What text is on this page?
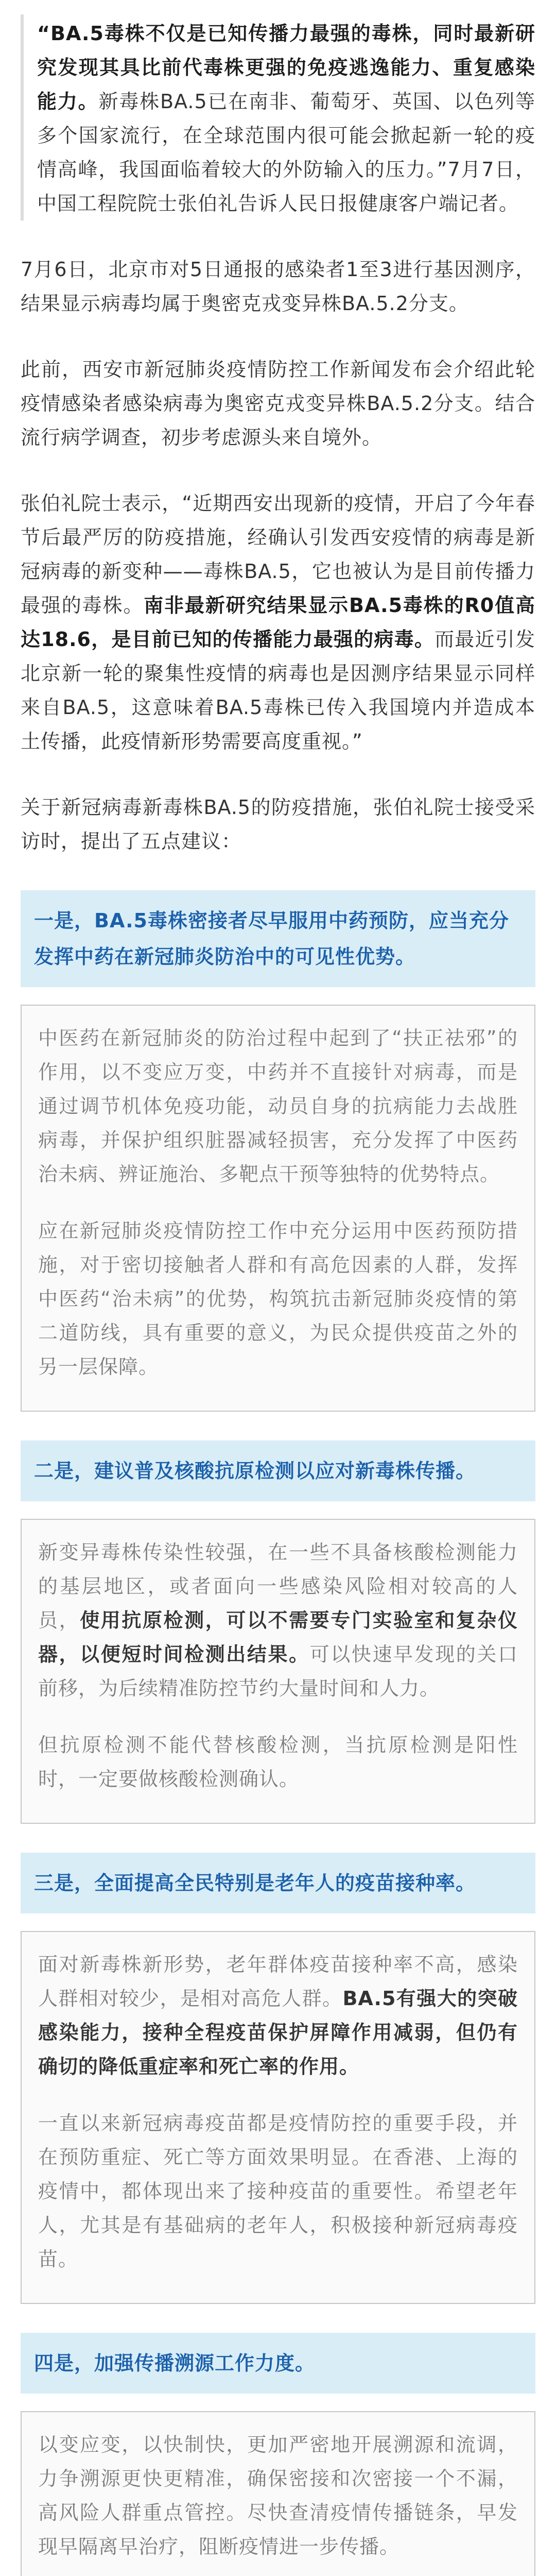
“BA.5毒株不仅是已知传播力最强的毒株，同时最新研究发现其具比前代毒株更强的免疫逃逸能力、重复感染能力。新毒株BA.5已在南非、葡萄牙、英国、以色列等多个国家流行，在全球范围内很可能会掀起新一轮的疫情高峰，我国面临着较大的外防输入的压力。”7月7日，中国工程院院士张伯礼告诉人民日报健康客户端记者。

7月6日，北京市对5日通报的感染者1至3进行基因测序，结果显示病毒均属于奥密克戎变异株BA.5.2分支。

此前，西安市新冠肺炎疫情防控工作新闻发布会介绍此轮疫情感染者感染病毒为奥密克戎变异株BA.5.2分支。结合流行病学调查，初步考虑源头来自境外。

张伯礼院士表示，“近期西安出现新的疫情，开启了今年春节后最严厉的防疫措施，经确认引发西安疫情的病毒是新冠病毒的新变种——毒株BA.5，它也被认为是目前传播力最强的毒株。南非最新研究结果显示BA.5毒株的R0值高达18.6，是目前已知的传播能力最强的病毒。而最近引发北京新一轮的聚集性疫情的病毒也是因测序结果显示同样来自BA.5，这意味着BA.5毒株已传入我国境内并造成本土传播，此疫情新形势需要高度重视。”

关于新冠病毒新毒株BA.5的防疫措施，张伯礼院士接受采访时，提出了五点建议：

一是，BA.5毒株密接者尽早服用中药预防，应当充分发挥中药在新冠肺炎防治中的可见性优势。

中医药在新冠肺炎的防治过程中起到了“扶正祛邪”的作用，以不变应万变，中药并不直接针对病毒，而是通过调节机体免疫功能，动员自身的抗病能力去战胜病毒，并保护组织脏器减轻损害，充分发挥了中医药治未病、辨证施治、多靶点干预等独特的优势特点。

应在新冠肺炎疫情防控工作中充分运用中医药预防措施，对于密切接触者人群和有高危因素的人群，发挥中医药“治未病”的优势，构筑抗击新冠肺炎疫情的第二道防线，具有重要的意义，为民众提供疫苗之外的另一层保障。

二是，建议普及核酸抗原检测以应对新毒株传播。

新变异毒株传染性较强，在一些不具备核酸检测能力的基层地区，或者面向一些感染风险相对较高的人员，使用抗原检测，可以不需要专门实验室和复杂仪器，以便短时间检测出结果。可以快速早发现的关口前移，为后续精准防控节约大量时间和人力。

但抗原检测不能代替核酸检测，当抗原检测是阳性时，一定要做核酸检测确认。

三是，全面提高全民特别是老年人的疫苗接种率。

面对新毒株新形势，老年群体疫苗接种率不高，感染人群相对较少，是相对高危人群。BA.5有强大的突破感染能力，接种全程疫苗保护屏障作用减弱，但仍有确切的降低重症率和死亡率的作用。

一直以来新冠病毒疫苗都是疫情防控的重要手段，并在预防重症、死亡等方面效果明显。在香港、上海的疫情中，都体现出来了接种疫苗的重要性。希望老年人，尤其是有基础病的老年人，积极接种新冠病毒疫苗。

四是，加强传播溯源工作力度。

以变应变，以快制快，更加严密地开展溯源和流调，力争溯源更快更精准，确保密接和次密接一个不漏，高风险人群重点管控。尽快查清疫情传播链条，早发现早隔离早治疗，阻断疫情进一步传播。
